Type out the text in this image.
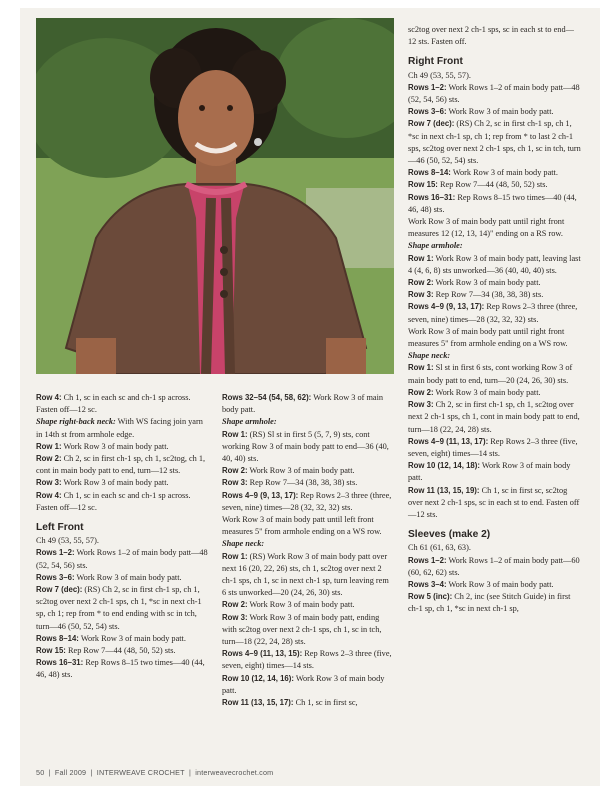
Row 4: Ch 1, sc in each sc and ch-1 sp across. Fasten off—12 sc.

Shape right-back neck: With WS facing join yarn in 14th st from armhole edge.

Row 1: Work Row 3 of main body patt.

Row 2: Ch 2, sc in first ch-1 sp, ch 1, sc2tog, ch 1, cont in main body patt to end, turn—12 sts.

Row 3: Work Row 3 of main body patt.

Row 4: Ch 1, sc in each sc and ch-1 sp across. Fasten off—12 sc.

Left Front

Ch 49 (53, 55, 57).

Rows 1–2: Work Rows 1–2 of main body patt—48 (52, 54, 56) sts.

Rows 3–6: Work Row 3 of main body patt.

Row 7 (dec): (RS) Ch 2, sc in first ch-1 sp, ch 1, sc2tog over next 2 ch-1 sps, ch 1, *sc in next ch-1 sp, ch 1; rep from * to end ending with sc in tch, turn—46 (50, 52, 54) sts.

Rows 8–14: Work Row 3 of main body patt.

Row 15: Rep Row 7—44 (48, 50, 52) sts.

Rows 16–31: Rep Rows 8–15 two times—40 (44, 46, 48) sts.

Rows 32–54 (54, 58, 62): Work Row 3 of main body patt.

Shape armhole:

Row 1: (RS) Sl st in first 5 (5, 7, 9) sts, cont working Row 3 of main body patt to end—36 (40, 40, 40) sts.

Row 2: Work Row 3 of main body patt.

Row 3: Rep Row 7—34 (38, 38, 38) sts.

Rows 4–9 (9, 13, 17): Rep Rows 2–3 three (three, seven, nine) times—28 (32, 32, 32) sts.

Work Row 3 of main body patt until left front measures 5" from armhole ending on a WS row. Shape neck:

Row 1: (RS) Work Row 3 of main body patt over next 16 (20, 22, 26) sts, ch 1, sc2tog over next 2 ch-1 sps, ch 1, sc in next ch-1 sp, turn leaving rem 6 sts unworked—20 (24, 26, 30) sts.

Row 2: Work Row 3 of main body patt.

Row 3: Work Row 3 of main body patt, ending with sc2tog over next 2 ch-1 sps, ch 1, sc in tch, turn—18 (22, 24, 28) sts.

Rows 4–9 (11, 13, 15): Rep Rows 2–3 three (five, seven, eight) times—14 sts.

Row 10 (12, 14, 16): Work Row 3 of main body patt.

Row 11 (13, 15, 17): Ch 1, sc in first sc,

sc2tog over next 2 ch-1 sps, sc in each st to end—12 sts. Fasten off.

Right Front

Ch 49 (53, 55, 57).

Rows 1–2: Work Rows 1–2 of main body patt—48 (52, 54, 56) sts.

Rows 3–6: Work Row 3 of main body patt.

Row 7 (dec): (RS) Ch 2, sc in first ch-1 sp, ch 1, *sc in next ch-1 sp, ch 1; rep from * to last 2 ch-1 sps, sc2tog over next 2 ch-1 sps, ch 1, sc in tch, turn—46 (50, 52, 54) sts.

Rows 8–14: Work Row 3 of main body patt.

Row 15: Rep Row 7—44 (48, 50, 52) sts.

Rows 16–31: Rep Rows 8–15 two times—40 (44, 46, 48) sts.

Work Row 3 of main body patt until right front measures 12 (12, 13, 14)" ending on a RS row. Shape armhole:

Row 1: Work Row 3 of main body patt, leaving last 4 (4, 6, 8) sts unworked—36 (40, 40, 40) sts.

Row 2: Work Row 3 of main body patt.

Row 3: Rep Row 7—34 (38, 38, 38) sts.

Rows 4–9 (9, 13, 17): Rep Rows 2–3 three (three, seven, nine) times—28 (32, 32, 32) sts.

Work Row 3 of main body patt until right front measures 5" from armhole ending on a WS row. Shape neck:

Row 1: Sl st in first 6 sts, cont working Row 3 of main body patt to end, turn—20 (24, 26, 30) sts.

Row 2: Work Row 3 of main body patt.

Row 3: Ch 2, sc in first ch-1 sp, ch 1, sc2tog over next 2 ch-1 sps, ch 1, cont in main body patt to end, turn—18 (22, 24, 28) sts.

Rows 4–9 (11, 13, 17): Rep Rows 2–3 three (five, seven, eight) times—14 sts.

Row 10 (12, 14, 18): Work Row 3 of main body patt.

Row 11 (13, 15, 19): Ch 1, sc in first sc, sc2tog over next 2 ch-1 sps, sc in each st to end. Fasten off—12 sts.

Sleeves (make 2)

Ch 61 (61, 63, 63).

Rows 1–2: Work Rows 1–2 of main body patt—60 (60, 62, 62) sts.

Rows 3–4: Work Row 3 of main body patt.

Row 5 (inc): Ch 2, inc (see Stitch Guide) in first ch-1 sp, ch 1, *sc in next ch-1 sp,

50 | Fall 2009 | INTERWEAVE CROCHET | interweavecrochet.com
